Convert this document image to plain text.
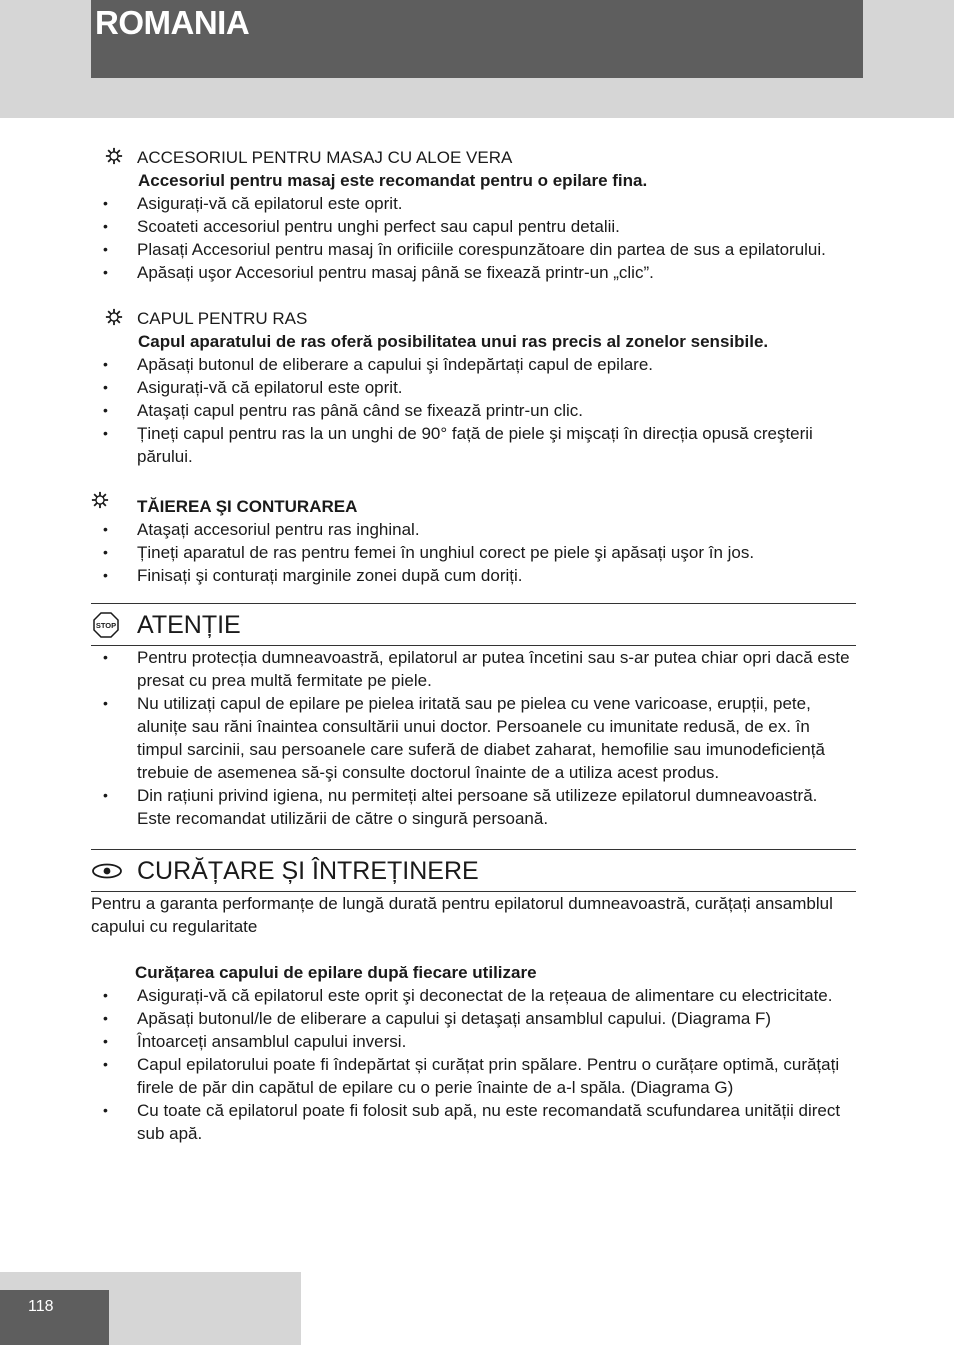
ROMANIA
ACCESORIUL PENTRU MASAJ CU ALOE VERA
Accesoriul pentru masaj este recomandat pentru o epilare fina.
• Asigurați-vă că epilatorul este oprit.
• Scoateti accesoriul pentru unghi perfect sau capul pentru detalii.
• Plasați Accesoriul pentru masaj în orificiile corespunzătoare din partea de sus a epilatorului.
• Apăsați uşor Accesoriul pentru masaj până se fixează printr-un „clic”.
CAPUL PENTRU RAS
Capul aparatului de ras oferă posibilitatea unui ras precis al zonelor sensibile.
• Apăsați butonul de eliberare a capului şi îndepărtați capul de epilare.
• Asigurați-vă că epilatorul este oprit.
• Ataşați capul pentru ras până când se fixează printr-un clic.
• Țineți capul pentru ras la un unghi de 90° față de piele şi mişcați în direcția opusă creşterii părului.
TĂIEREA ŞI CONTURAREA
• Ataşați accesoriul pentru ras inghinal.
• Țineți aparatul de ras pentru femei în unghiul corect pe piele şi apăsați uşor în jos.
• Finisați şi conturați marginile zonei după cum doriți.
STOP ATENȚIE
• Pentru protecția dumneavoastră, epilatorul ar putea încetini sau s-ar putea chiar opri dacă este presat cu prea multă fermitate pe piele.
• Nu utilizați capul de epilare pe pielea iritată sau pe pielea cu vene varicoase, erupții, pete, alunițe sau răni înaintea consultării unui doctor. Persoanele cu imunitate redusă, de ex. în timpul sarcinii, sau persoanele care suferă de diabet zaharat, hemofilie sau imunodeficiență trebuie de asemenea să-şi consulte doctorul înainte de a utiliza acest produs.
• Din rațiuni privind igiena, nu permiteți altei persoane să utilizeze epilatorul dumneavoastră. Este recomandat utilizării de către o singură persoană.
CURĂȚARE ȘI ÎNTREȚINERE
Pentru a garanta performanțe de lungă durată pentru epilatorul dumneavoastră, curățați ansamblul capului cu regularitate
Curățarea capului de epilare după fiecare utilizare
• Asigurați-vă că epilatorul este oprit şi deconectat de la rețeaua de alimentare cu electricitate.
• Apăsați butonul/le de eliberare a capului şi detaşați ansamblul capului. (Diagrama F)
• Întoarceți ansamblul capului inversi.
• Capul epilatorului poate fi îndepărtat și curățat prin spălare. Pentru o curățare optimă, curățați firele de păr din capătul de epilare cu o perie înainte de a-l spăla. (Diagrama G)
• Cu toate că epilatorul poate fi folosit sub apă, nu este recomandată scufundarea unității direct sub apă.
118
